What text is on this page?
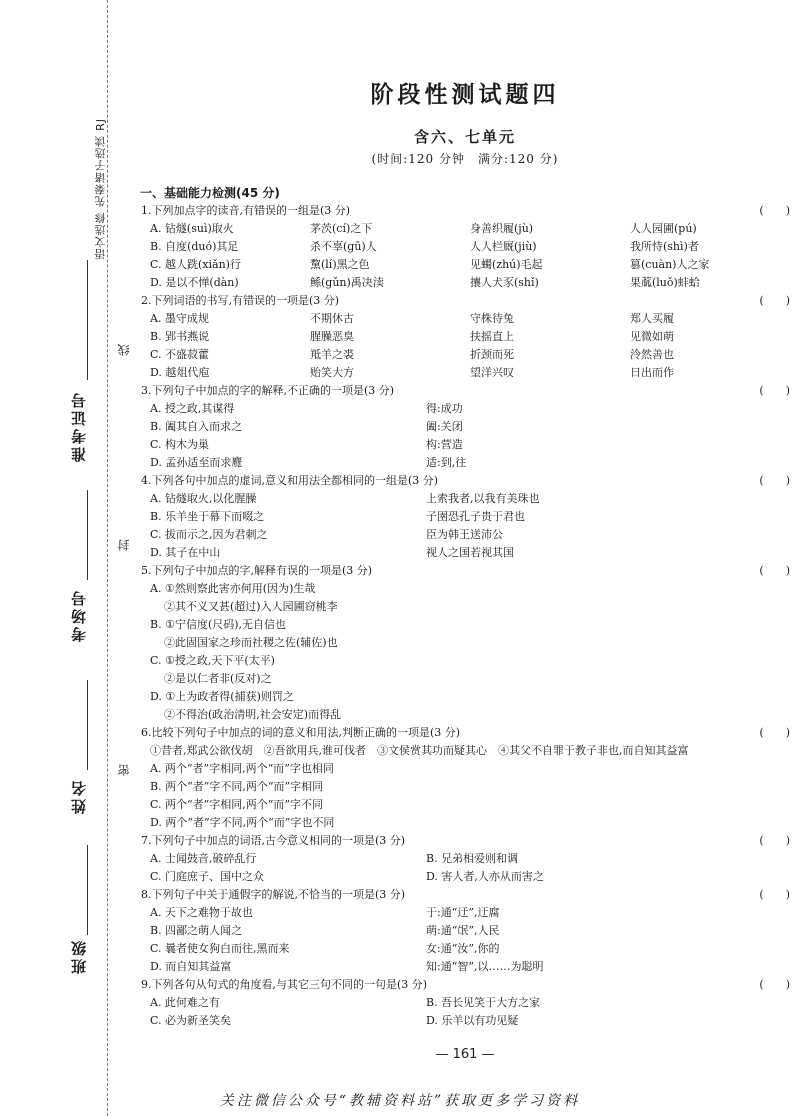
语文选修 先秦诸子选读 RJ
线
封
密
准考证号
考场号
姓名
班级
阶段性测试题四
含六、七单元
(时间:120 分钟　满分:120 分)
一、基础能力检测(45 分)
1.下列加点字的读音,有错误的一组是(3 分)	(　　)
A. 钻燧(suì)取火	茅茨(cí)之下	身善织履(jù)	人人园圃(pú)
B. 自度(duó)其足	杀不辜(gū)人	人人栏厩(jiù)	我所恃(shì)者
C. 越人跣(xiǎn)行	黧(lí)黑之色	见蠋(zhú)毛起	篡(cuàn)人之家
D. 是以不惮(dàn)	鲧(gǔn)禹决渎	攘人犬豕(shǐ)	果蓏(luǒ)蚌蛤
2.下列词语的书写,有错误的一项是(3 分)	(　　)
A. 墨守成规	不期休古	守株待兔	郑人买履
B. 郢书燕说	腥臊恶臭	扶摇直上	见微如萌
C. 不盛菽藿	羝羊之裘	折颈而死	泠然善也
D. 越俎代庖	贻笑大方	望洋兴叹	日出而作
3.下列句子中加点的字的解释,不正确的一项是(3 分)	(　　)
A. 授之政,其谋得	得:成功
B. 阖其自入而求之	阖:关闭
C. 构木为巢	构:营造
D. 孟孙适至而求麑	适:到,往
4.下列各句中加点的虚词,意义和用法全都相同的一组是(3 分)	(　　)
A. 钻燧取火,以化腥臊	上索我者,以我有美珠也
B. 乐羊坐于幕下而啜之	子圉恐孔子贵于君也
C. 拔而示之,因为君刺之	臣为韩王送沛公
D. 其子在中山	视人之国若视其国
5.下列句子中加点的字,解释有误的一项是(3 分)	(　　)
A. ①然则察此害亦何用(因为)生哉
②其不义又甚(超过)入人园圃窃桃李
B. ①宁信度(尺码),无自信也
②此固国家之珍而社稷之佐(辅佐)也
C. ①授之政,天下平(太平)
②是以仁者非(反对)之
D. ①上为政者得(捕获)则罚之
②不得治(政治清明,社会安定)而得乱
6.比较下列句子中加点的词的意义和用法,判断正确的一项是(3 分)	(　　)
①昔者,郑武公欲伐胡　②吾欲用兵,谁可伐者　③文侯赏其功而疑其心　④其父不自罪于教子非也,而自知其益富
A. 两个“者”字相同,两个“而”字也相同
B. 两个“者”字不同,两个“而”字相同
C. 两个“者”字相同,两个“而”字不同
D. 两个“者”字不同,两个“而”字也不同
7.下列句子中加点的词语,古今意义相同的一项是(3 分)	(　　)
A. 士闻鼓音,破碎乱行	B. 兄弟相爱则和调
C. 门庭庶子、国中之众	D. 害人者,人亦从而害之
8.下列句子中关于通假字的解说,不恰当的一项是(3 分)	(　　)
A. 天下之难物于故也	于:通“迂”,迂腐
B. 四鄙之萌人闻之	萌:通“氓”,人民
C. 曩者使女狗白而往,黑而来	女:通“汝”,你的
D. 而自知其益富	知:通“智”,以……为聪明
9.下列各句从句式的角度看,与其它三句不同的一句是(3 分)	(　　)
A. 此何难之有	B. 吾长见笑于大方之家
C. 必为新圣笑矣	D. 乐羊以有功见疑
— 161 —
关注微信公众号“教辅资料站”获取更多学习资料
